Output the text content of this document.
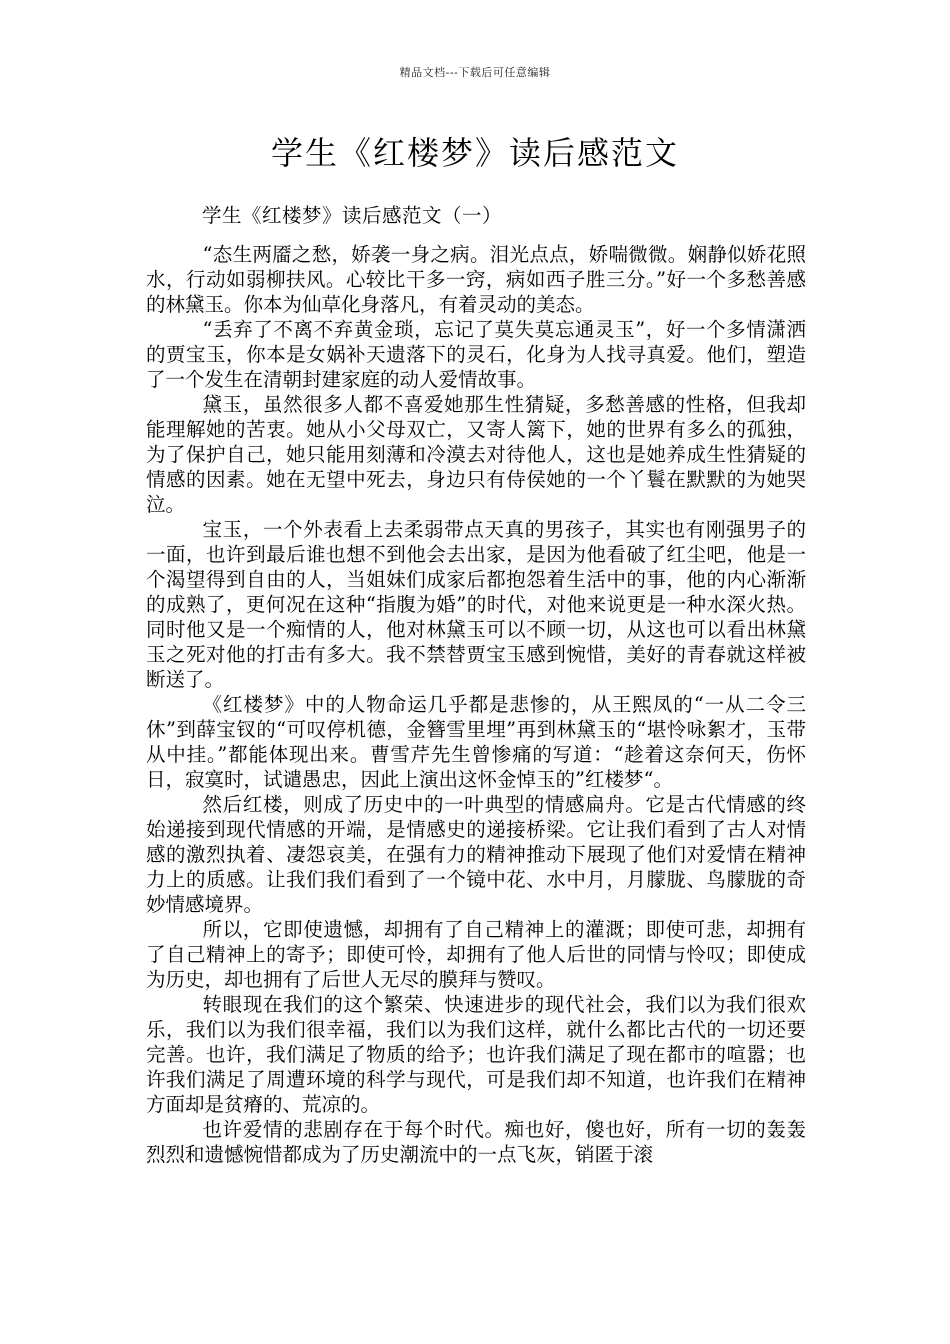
精品文档---下载后可任意编辑
学生《红楼梦》读后感范文
学生《红楼梦》读后感范文（一）

“态生两靥之愁，娇袭一身之病。泪光点点，娇喘微微。娴静似娇花照水，行动如弱柳扶风。心较比干多一窍，病如西子胜三分。”好一个多愁善感的林黛玉。你本为仙草化身落凡，有着灵动的美态。

“丢弃了不离不弃黄金琐，忘记了莫失莫忘通灵玉”，好一个多情潇洒的贾宝玉，你本是女娲补天遗落下的灵石，化身为人找寻真爱。他们，塑造了一个发生在清朝封建家庭的动人爱情故事。

黛玉，虽然很多人都不喜爱她那生性猜疑，多愁善感的性格，但我却能理解她的苦衷。她从小父母双亡，又寄人篱下，她的世界有多么的孤独，为了保护自己，她只能用刻薄和冷漠去对待他人，这也是她养成生性猜疑的情感的因素。她在无望中死去，身边只有侍侯她的一个丫鬟在默默的为她哭泣。

宝玉，一个外表看上去柔弱带点天真的男孩子，其实也有刚强男子的一面，也许到最后谁也想不到他会去出家，是因为他看破了红尘吧，他是一个渴望得到自由的人，当姐妹们成家后都抱怨着生活中的事，他的内心渐渐的成熟了，更何况在这种“指腹为婚”的时代，对他来说更是一种水深火热。同时他又是一个痴情的人，他对林黛玉可以不顾一切，从这也可以看出林黛玉之死对他的打击有多大。我不禁替贾宝玉感到惋惜，美好的青春就这样被断送了。

《红楼梦》中的人物命运几乎都是悲惨的，从王熙凤的“一从二令三休”到薛宝钗的“可叹停机德，金簪雪里埋”再到林黛玉的“堪怜咏絮才，玉带从中挂。”都能体现出来。曹雪芹先生曾惨痛的写道：“趁着这奈何天，伤怀日，寂寞时，试谴愚忠，因此上演出这怀金悼玉的”红楼梦“。

然后红楼，则成了历史中的一叶典型的情感扁舟。它是古代情感的终始递接到现代情感的开端，是情感史的递接桥梁。它让我们看到了古人对情感的激烈执着、凄怨哀美，在强有力的精神推动下展现了他们对爱情在精神力上的质感。让我们我们看到了一个镜中花、水中月，月朦胧、鸟朦胧的奇妙情感境界。

所以，它即使遗憾，却拥有了自己精神上的灌溉；即使可悲，却拥有了自己精神上的寄予；即使可怜，却拥有了他人后世的同情与怜叹；即使成为历史，却也拥有了后世人无尽的膜拜与赞叹。

转眼现在我们的这个繁荣、快速进步的现代社会，我们以为我们很欢乐，我们以为我们很幸福，我们以为我们这样，就什么都比古代的一切还要完善。也许，我们满足了物质的给予；也许我们满足了现在都市的喧嚣；也许我们满足了周遭环境的科学与现代，可是我们却不知道，也许我们在精神方面却是贫瘠的、荒凉的。

也许爱情的悲剧存在于每个时代。痴也好，傻也好，所有一切的轰轰烈烈和遗憾惋惜都成为了历史潮流中的一点飞灰，销匿于滚
